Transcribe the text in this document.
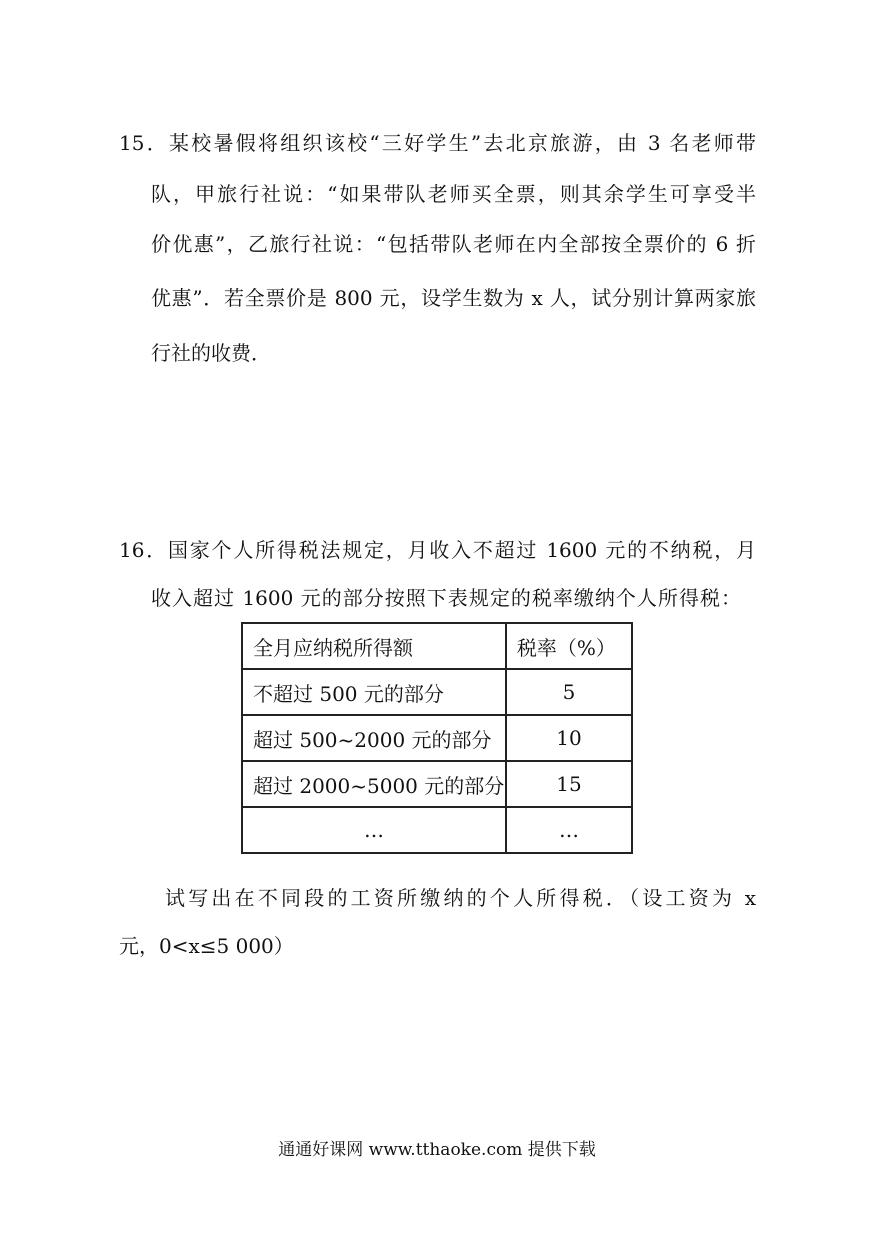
15．某校暑假将组织该校“三好学生”去北京旅游，由 3 名老师带
队，甲旅行社说：“如果带队老师买全票，则其余学生可享受半
价优惠”，乙旅行社说：“包括带队老师在内全部按全票价的 6 折
优惠”．若全票价是 800 元，设学生数为 x 人，试分别计算两家旅
行社的收费．
16．国家个人所得税法规定，月收入不超过 1600 元的不纳税，月
收入超过 1600 元的部分按照下表规定的税率缴纳个人所得税：
全月应纳税所得额	税率（%）
不超过 500 元的部分	5
超过 500~2000 元的部分	10
超过 2000~5000 元的部分	15
…	…
试写出在不同段的工资所缴纳的个人所得税．（设工资为 x
元，0<x≤5 000）
通通好课网 www.tthaoke.com 提供下载
